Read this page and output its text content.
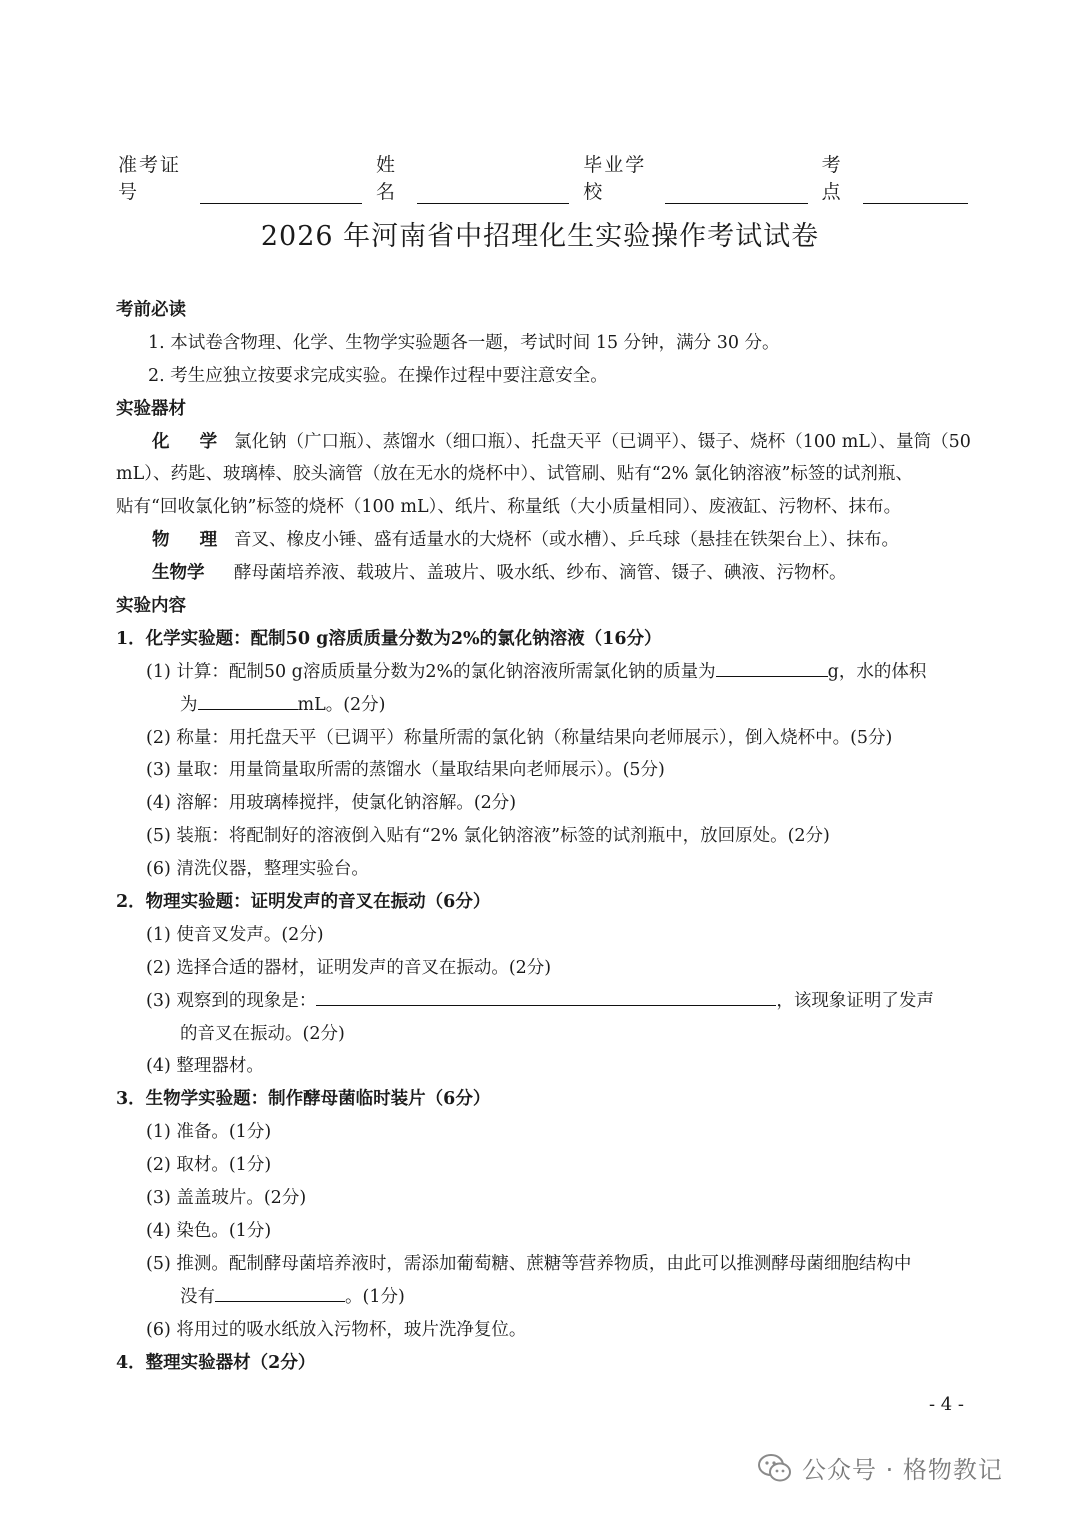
准考证号
姓名
毕业学校
考点
2026 年河南省中招理化生实验操作考试试卷
考前必读
1. 本试卷含物理、化学、生物学实验题各一题，考试时间 15 分钟，满分 30 分。
2. 考生应独立按要求完成实验。在操作过程中要注意安全。
实验器材
化 学 氯化钠（广口瓶）、蒸馏水（细口瓶）、托盘天平（已调平）、镊子、烧杯（100 mL）、量筒（50
mL）、药匙、玻璃棒、胶头滴管（放在无水的烧杯中）、试管刷、贴有“2% 氯化钠溶液”标签的试剂瓶、
贴有“回收氯化钠”标签的烧杯（100 mL）、纸片、称量纸（大小质量相同）、废液缸、污物杯、抹布。
物 理 音叉、橡皮小锤、盛有适量水的大烧杯（或水槽）、乒乓球（悬挂在铁架台上）、抹布。
生物学 酵母菌培养液、载玻片、盖玻片、吸水纸、纱布、滴管、镊子、碘液、污物杯。
实验内容
1．化学实验题：配制50 g溶质质量分数为2%的氯化钠溶液（16分）
(1) 计算：配制50 g溶质质量分数为2%的氯化钠溶液所需氯化钠的质量为	g，水的体积
为	mL。(2分)
(2) 称量：用托盘天平（已调平）称量所需的氯化钠（称量结果向老师展示），倒入烧杯中。(5分)
(3) 量取：用量筒量取所需的蒸馏水（量取结果向老师展示）。(5分)
(4) 溶解：用玻璃棒搅拌，使氯化钠溶解。(2分)
(5) 装瓶：将配制好的溶液倒入贴有“2% 氯化钠溶液”标签的试剂瓶中，放回原处。(2分)
(6) 清洗仪器，整理实验台。
2．物理实验题：证明发声的音叉在振动（6分）
(1) 使音叉发声。(2分)
(2) 选择合适的器材，证明发声的音叉在振动。(2分)
(3) 观察到的现象是：	，该现象证明了发声
的音叉在振动。(2分)
(4) 整理器材。
3．生物学实验题：制作酵母菌临时装片（6分）
(1) 准备。(1分)
(2) 取材。(1分)
(3) 盖盖玻片。(2分)
(4) 染色。(1分)
(5) 推测。配制酵母菌培养液时，需添加葡萄糖、蔗糖等营养物质，由此可以推测酵母菌细胞结构中
没有	。(1分)
(6) 将用过的吸水纸放入污物杯，玻片洗净复位。
4．整理实验器材（2分）
- 4 -
公众号 · 格物教记
